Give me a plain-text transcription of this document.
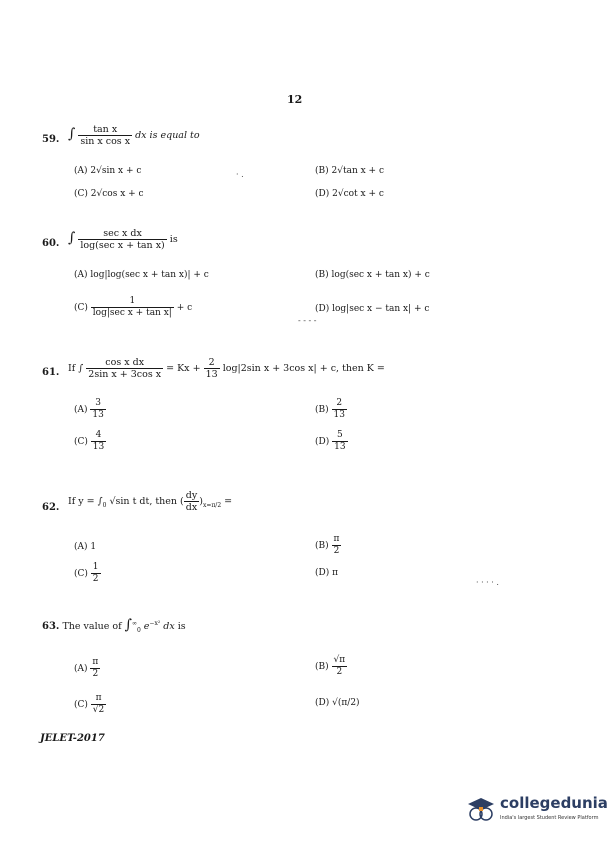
12
59. ∫ $\frac{\text{tan x}}{\text{sin x cos x}}$ dx is equal to
(A) 2√sin x + c	(B) 2√tan x + c
(C) 2√cos x + c	(D) 2√cot x + c
· .
60. ∫ $\frac{\text{sec x dx}}{\text{log(sec x + tan x)}}$ is
(A) log|log(sec x + tan x)| + c	(B) log(sec x + tan x) + c
$(C) \frac{1}{\text{log|sec x + tan x|}} + c$	(D) log|sec x − tan x| + c
- - - -
61. If ∫ $\frac{\text{cos x dx}}{\text{2sin x + 3cos x}} = Kx + \frac{2}{13} \log|2\sin$ x + 3cos x| + c, then K =
$(A) \frac{3}{13}$	$(B) \frac{2}{13}$
$(C) \frac{4}{13}$	$(D) \frac{5}{13}$
62.
If $y = \int_0$ √sin t dt, then ( $\frac{dy}{dx} )_{x=\pi/2}$ =
(A) 1	$(B) \frac{\pi}{2}$
$(C) \frac{1}{2}$	(D) π
· · · · .
63. The value of $\int^\infty_0$ $e^{-x^2}$ dx is
$(A) \frac{\pi}{2}$	$(B) \frac{√\pi}{2}$
$(C) \frac{\pi}{√2}$	(D) √(π/2)
JELET-2017
collegedunia
India's largest Student Review Platform
